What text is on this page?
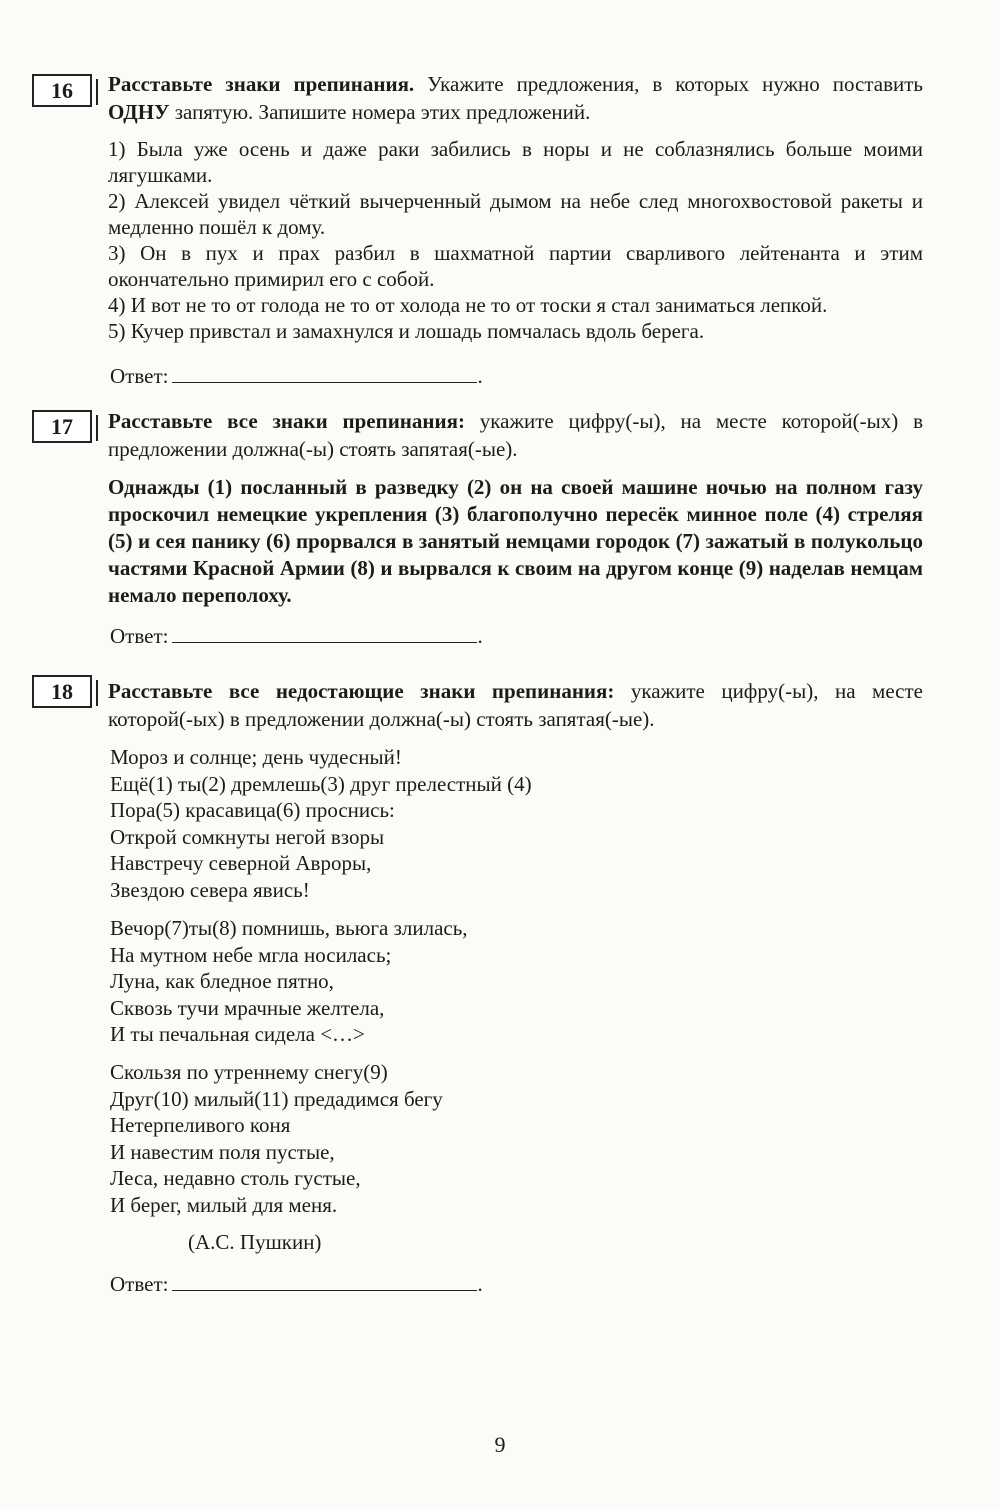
16	Расставьте знаки препинания. Укажите предложения, в которых нужно поставить ОДНУ запятую. Запишите номера этих предложений.
1) Была уже осень и даже раки забились в норы и не соблазнялись больше моими лягушками.
2) Алексей увидел чёткий вычерченный дымом на небе след многохвостовой ракеты и медленно пошёл к дому.
3) Он в пух и прах разбил в шахматной партии сварливого лейтенанта и этим окончательно примирил его с собой.
4) И вот не то от голода не то от холода не то от тоски я стал заниматься лепкой.
5) Кучер привстал и замахнулся и лошадь помчалась вдоль берега.
Ответ:	.
17	Расставьте все знаки препинания: укажите цифру(-ы), на месте которой(-ых) в предложении должна(-ы) стоять запятая(-ые).
Однажды (1) посланный в разведку (2) он на своей машине ночью на полном газу проскочил немецкие укрепления (3) благополучно пересёк минное поле (4) стреляя (5) и сея панику (6) прорвался в занятый немцами городок (7) зажатый в полукольцо частями Красной Армии (8) и вырвался к своим на другом конце (9) наделав немцам немало переполоху.
Ответ:	.
18	Расставьте все недостающие знаки препинания: укажите цифру(-ы), на месте которой(-ых) в предложении должна(-ы) стоять запятая(-ые).
Мороз и солнце; день чудесный!
Ещё(1) ты(2) дремлешь(3) друг прелестный (4)
Пора(5) красавица(6) проснись:
Открой сомкнуты негой взоры
Навстречу северной Авроры,
Звездою севера явись!
Вечор(7)ты(8) помнишь, вьюга злилась,
На мутном небе мгла носилась;
Луна, как бледное пятно,
Сквозь тучи мрачные желтела,
И ты печальная сидела <…>
Скользя по утреннему снегу(9)
Друг(10) милый(11) предадимся бегу
Нетерпеливого коня
И навестим поля пустые,
Леса, недавно столь густые,
И берег, милый для меня.
(А.С. Пушкин)
Ответ:	.
9
